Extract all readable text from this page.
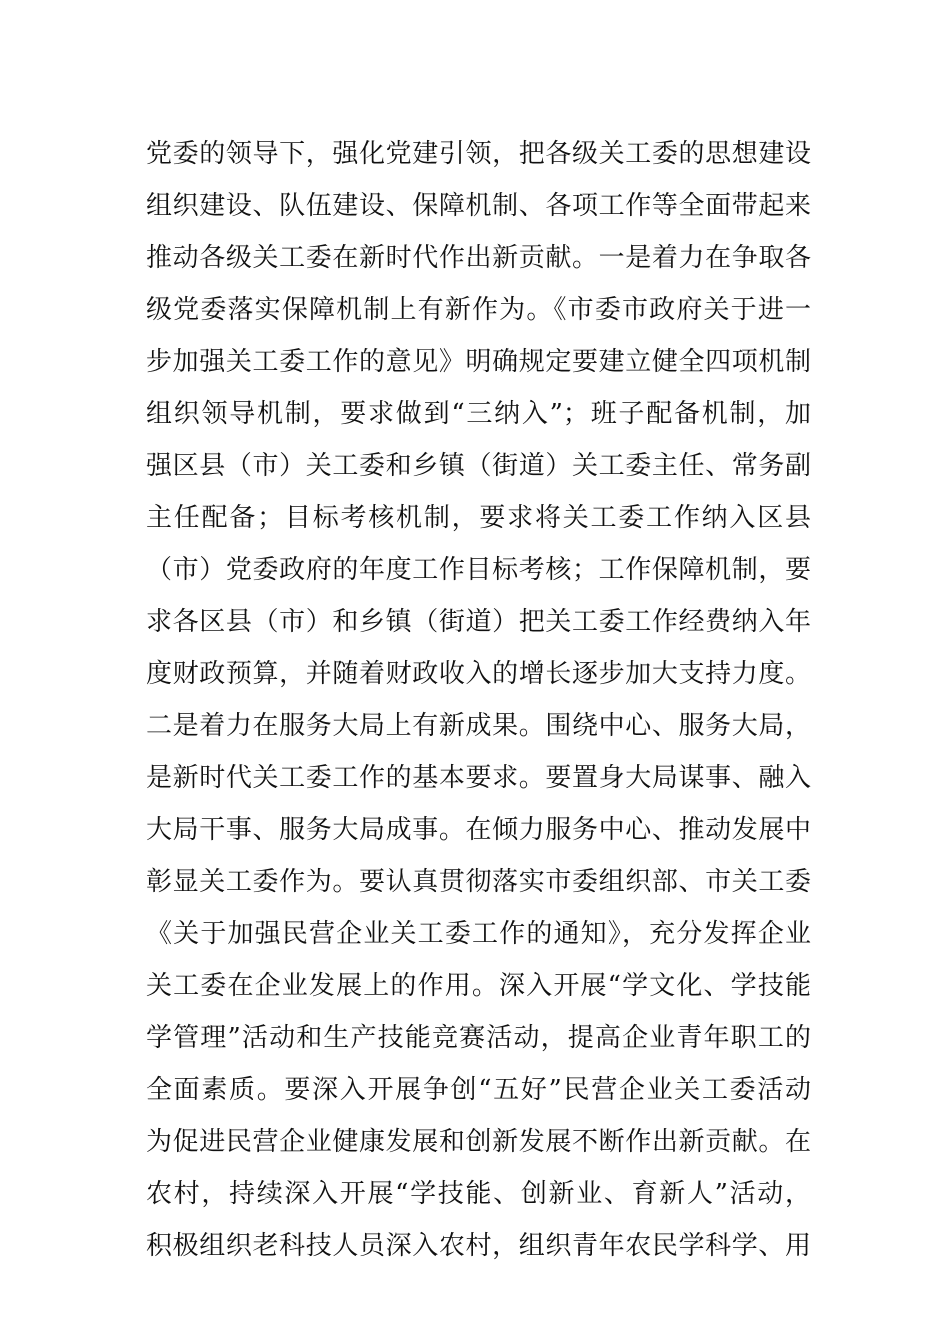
党委的领导下，强化党建引领，把各级关工委的思想建设
组织建设、队伍建设、保障机制、各项工作等全面带起来
推动各级关工委在新时代作出新贡献。一是着力在争取各
级党委落实保障机制上有新作为。《市委市政府关于进一
步加强关工委工作的意见》明确规定要建立健全四项机制
组织领导机制，要求做到“三纳入”；班子配备机制，加
强区县（市）关工委和乡镇（街道）关工委主任、常务副
主任配备；目标考核机制，要求将关工委工作纳入区县
（市）党委政府的年度工作目标考核；工作保障机制，要
求各区县（市）和乡镇（街道）把关工委工作经费纳入年
度财政预算，并随着财政收入的增长逐步加大支持力度。
二是着力在服务大局上有新成果。围绕中心、服务大局，
是新时代关工委工作的基本要求。要置身大局谋事、融入
大局干事、服务大局成事。在倾力服务中心、推动发展中
彰显关工委作为。要认真贯彻落实市委组织部、市关工委
《关于加强民营企业关工委工作的通知》，充分发挥企业
关工委在企业发展上的作用。深入开展“学文化、学技能
学管理”活动和生产技能竞赛活动，提高企业青年职工的
全面素质。要深入开展争创“五好”民营企业关工委活动
为促进民营企业健康发展和创新发展不断作出新贡献。在
农村，持续深入开展“学技能、创新业、育新人”活动，
积极组织老科技人员深入农村，组织青年农民学科学、用
